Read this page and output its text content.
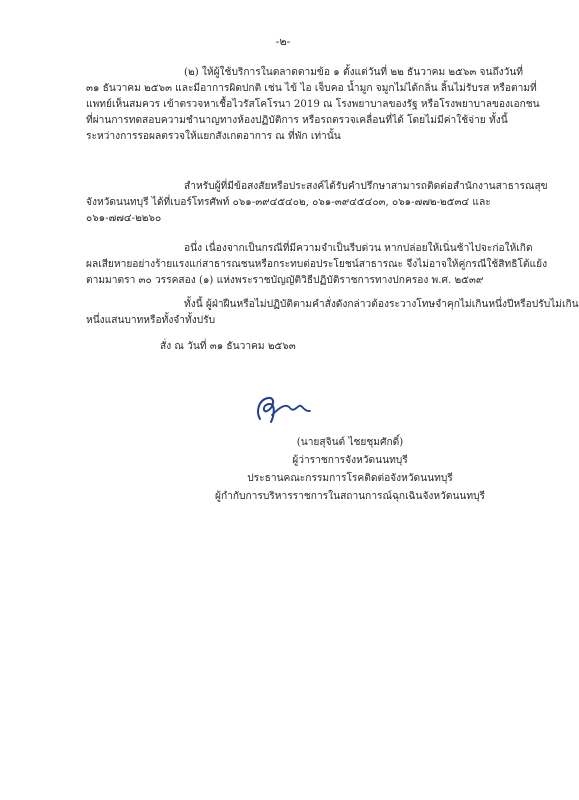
-๒-
(๒) ให้ผู้ใช้บริการในตลาดตามข้อ ๑ ตั้งแต่วันที่ ๒๒ ธันวาคม ๒๕๖๓ จนถึงวันที่
๓๑ ธันวาคม ๒๕๖๓ และมีอาการผิดปกติ เช่น ไข้ ไอ เจ็บคอ น้ำมูก จมูกไม่ได้กลิ่น ลิ้นไม่รับรส หรือตามที่
แพทย์เห็นสมควร เข้าตรวจหาเชื้อไวรัสโคโรนา 2019 ณ โรงพยาบาลของรัฐ หรือโรงพยาบาลของเอกชน
ที่ผ่านการทดสอบความชำนาญทางห้องปฏิบัติการ หรือรถตรวจเคลื่อนที่ได้ โดยไม่มีค่าใช้จ่าย ทั้งนี้
ระหว่างการรอผลตรวจให้แยกสังเกตอาการ ณ ที่พัก เท่านั้น
สำหรับผู้ที่มีข้อสงสัยหรือประสงค์ได้รับคำปรึกษาสามารถติดต่อสำนักงานสาธารณสุข
จังหวัดนนทบุรี ได้ที่เบอร์โทรศัพท์ ๐๖๑-๓๙๔๕๔๐๒, ๐๖๑-๓๙๔๕๔๐๓, ๐๖๑-๗๗๒-๒๕๓๔ และ
๐๖๑-๗๗๔-๒๒๖๐
อนึ่ง เนื่องจากเป็นกรณีที่มีความจำเป็นรีบด่วน หากปล่อยให้เนิ่นช้าไปจะก่อให้เกิด
ผลเสียหายอย่างร้ายแรงแก่สาธารณชนหรือกระทบต่อประโยชน์สาธารณะ จึงไม่อาจให้คู่กรณีใช้สิทธิโต้แย้ง
ตามมาตรา ๓๐ วรรคสอง (๑) แห่งพระราชบัญญัติวิธีปฏิบัติราชการทางปกครอง พ.ศ. ๒๕๓๙
ทั้งนี้ ผู้ฝ่าฝืนหรือไม่ปฏิบัติตามคำสั่งดังกล่าวต้องระวางโทษจำคุกไม่เกินหนึ่งปีหรือปรับไม่เกิน
หนึ่งแสนบาทหรือทั้งจำทั้งปรับ
สั่ง ณ วันที่ ๓๑ ธันวาคม ๒๕๖๓
(นายสุจินต์ ไชยชุมศักดิ์)
ผู้ว่าราชการจังหวัดนนทบุรี
ประธานคณะกรรมการโรคติดต่อจังหวัดนนทบุรี
ผู้กำกับการบริหารราชการในสถานการณ์ฉุกเฉินจังหวัดนนทบุรี
